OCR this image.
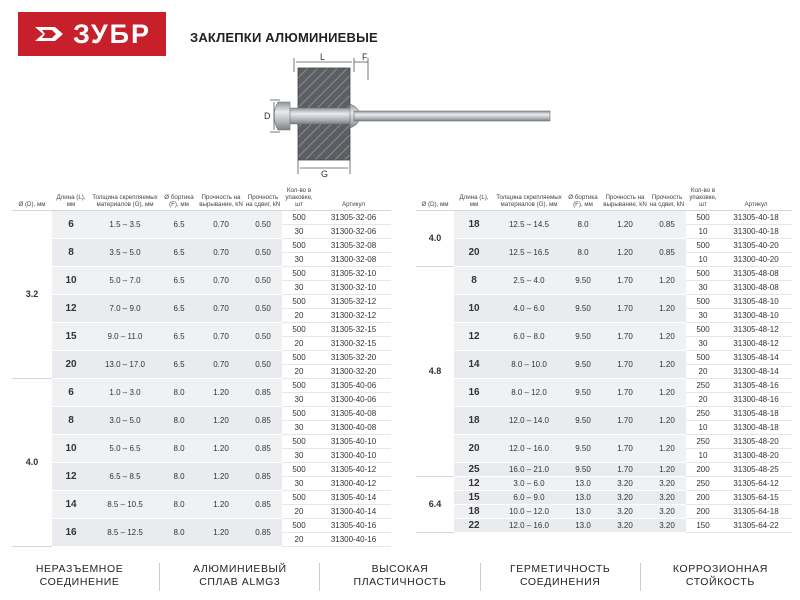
ЗУБР	ЗАКЛЕПКИ АЛЮМИНИЕВЫЕ
L	F
D
G
Ø (D), мм	Длина (L), мм	Толщина скрепляемых материалов (G), мм	Ø бортика (F), мм	Прочность на вырывание, kN	Прочность на сдвиг, kN	Кол-во в упаковке, шт	Артикул
3.2	6	1.5 – 3.5	6.5	0.70	0.50	500	31305-32-06
						30	31300-32-06
	8	3.5 – 5.0	6.5	0.70	0.50	500	31305-32-08
						30	31300-32-08
	10	5.0 – 7.0	6.5	0.70	0.50	500	31305-32-10
						30	31300-32-10
	12	7.0 – 9.0	6.5	0.70	0.50	500	31305-32-12
						20	31300-32-12
	15	9.0 – 11.0	6.5	0.70	0.50	500	31305-32-15
						20	31300-32-15
	20	13.0 – 17.0	6.5	0.70	0.50	500	31305-32-20
						20	31300-32-20
4.0	6	1.0 – 3.0	8.0	1.20	0.85	500	31305-40-06
						30	31300-40-06
	8	3.0 – 5.0	8.0	1.20	0.85	500	31305-40-08
						30	31300-40-08
	10	5.0 – 6.5	8.0	1.20	0.85	500	31305-40-10
						30	31300-40-10
	12	6.5 – 8.5	8.0	1.20	0.85	500	31305-40-12
						30	31300-40-12
	14	8.5 – 10.5	8.0	1.20	0.85	500	31305-40-14
						20	31300-40-14
	16	8.5 – 12.5	8.0	1.20	0.85	500	31305-40-16
						20	31300-40-16
Ø (D), мм	Длина (L), мм	Толщина скрепляемых материалов (G), мм	Ø бортика (F), мм	Прочность на вырывание, kN	Прочность на сдвиг, kN	Кол-во в упаковке, шт	Артикул
4.0	18	12.5 – 14.5	8.0	1.20	0.85	500	31305-40-18
						10	31300-40-18
	20	12.5 – 16.5	8.0	1.20	0.85	500	31305-40-20
						10	31300-40-20
4.8	8	2.5 – 4.0	9.50	1.70	1.20	500	31305-48-08
						30	31300-48-08
	10	4.0 – 6.0	9.50	1.70	1.20	500	31305-48-10
						30	31300-48-10
	12	6.0 – 8.0	9.50	1.70	1.20	500	31305-48-12
						30	31300-48-12
	14	8.0 – 10.0	9.50	1.70	1.20	500	31305-48-14
						20	31300-48-14
	16	8.0 – 12.0	9.50	1.70	1.20	250	31305-48-16
						20	31300-48-16
	18	12.0 – 14.0	9.50	1.70	1.20	250	31305-48-18
						10	31300-48-18
	20	12.0 – 16.0	9.50	1.70	1.20	250	31305-48-20
						10	31300-48-20
	25	16.0 – 21.0	9.50	1.70	1.20	200	31305-48-25
6.4	12	3.0 – 6.0	13.0	3.20	3.20	250	31305-64-12
	15	6.0 – 9.0	13.0	3.20	3.20	200	31305-64-15
	18	10.0 – 12.0	13.0	3.20	3.20	200	31305-64-18
	22	12.0 – 16.0	13.0	3.20	3.20	150	31305-64-22
НЕРАЗЪЕМНОЕ
СОЕДИНЕНИЕ
АЛЮМИНИЕВЫЙ
СПЛАВ ALMG3
ВЫСОКАЯ
ПЛАСТИЧНОСТЬ
ГЕРМЕТИЧНОСТЬ
СОЕДИНЕНИЯ
КОРРОЗИОННАЯ
СТОЙКОСТЬ
